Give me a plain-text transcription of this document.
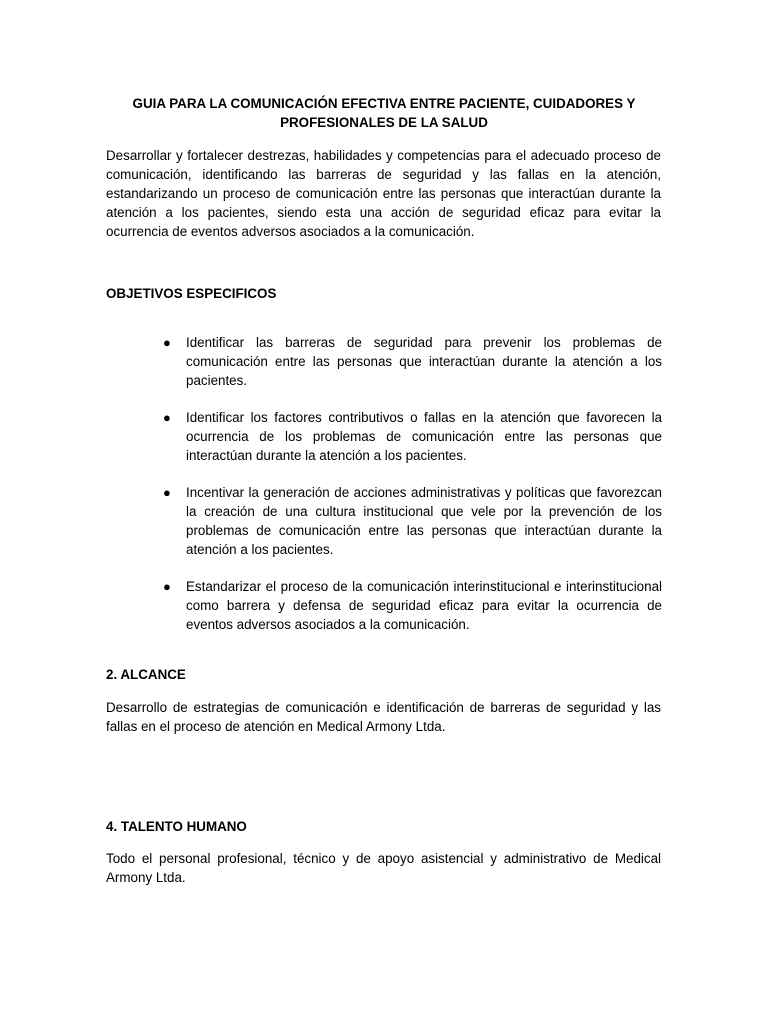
GUIA PARA LA COMUNICACIÓN EFECTIVA ENTRE PACIENTE, CUIDADORES Y PROFESIONALES DE LA SALUD
Desarrollar y fortalecer destrezas, habilidades y competencias para el adecuado proceso de comunicación, identificando las barreras de seguridad y las fallas en la atención, estandarizando un proceso de comunicación entre las personas que interactúan durante la atención a los pacientes, siendo esta una acción de seguridad eficaz para evitar la ocurrencia de eventos adversos asociados a la comunicación.
OBJETIVOS ESPECIFICOS
● Identificar las barreras de seguridad para prevenir los problemas de comunicación entre las personas que interactúan durante la atención a los pacientes.
● Identificar los factores contributivos o fallas en la atención que favorecen la ocurrencia de los problemas de comunicación entre las personas que interactúan durante la atención a los pacientes.
● Incentivar la generación de acciones administrativas y políticas que favorezcan la creación de una cultura institucional que vele por la prevención de los problemas de comunicación entre las personas que interactúan durante la atención a los pacientes.
● Estandarizar el proceso de la comunicación interinstitucional e interinstitucional como barrera y defensa de seguridad eficaz para evitar la ocurrencia de eventos adversos asociados a la comunicación.
2. ALCANCE
Desarrollo de estrategias de comunicación e identificación de barreras de seguridad y las fallas en el proceso de atención en Medical Armony Ltda.
4. TALENTO HUMANO
Todo el personal profesional, técnico y de apoyo asistencial y administrativo de Medical Armony Ltda.
